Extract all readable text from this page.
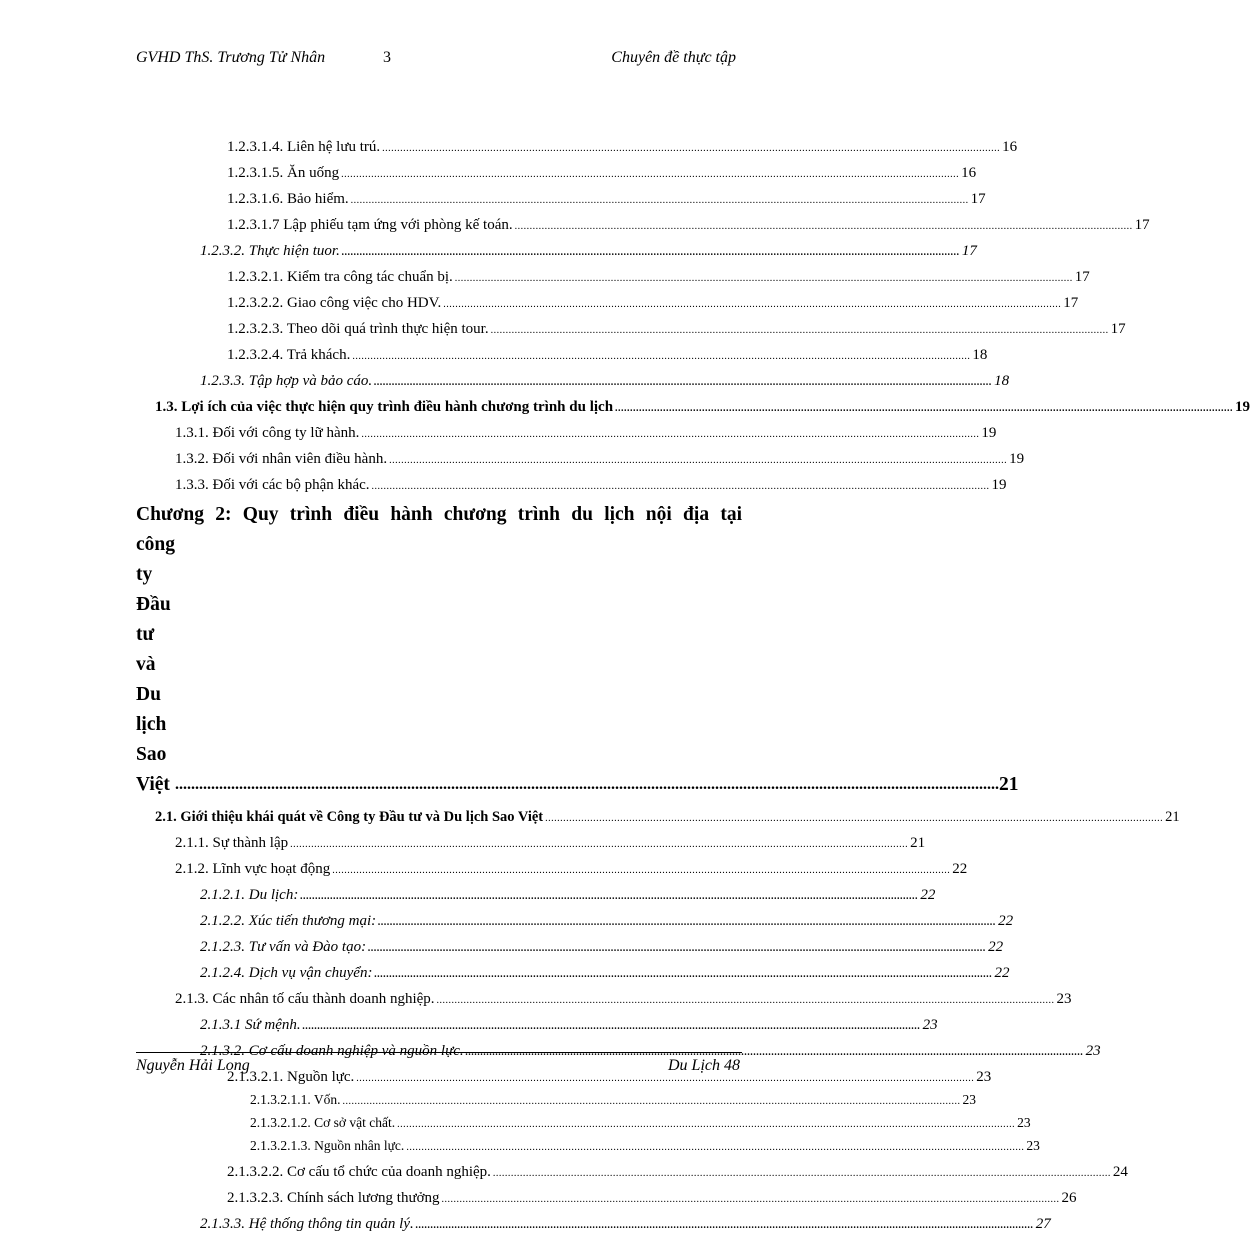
GVHD ThS. Trương Tử Nhân	3	Chuyên đề thực tập
1.2.3.1.4. Liên hệ lưu trú. .............................................................................................................................................................................................................. 16
1.2.3.1.5. Ăn uống .............................................................................................................................................................................................................. 16
1.2.3.1.6. Bảo hiểm. .............................................................................................................................................................................................................. 17
1.2.3.1.7 Lập phiếu tạm ứng với phòng kế toán. .............................................................................................................................................................................................................. 17
1.2.3.2. Thực hiện tuor. .............................................................................................................................................................................................................. 17
1.2.3.2.1. Kiểm tra công tác chuẩn bị. .............................................................................................................................................................................................................. 17
1.2.3.2.2. Giao công việc cho HDV. .............................................................................................................................................................................................................. 17
1.2.3.2.3. Theo dõi quá trình thực hiện tour. .............................................................................................................................................................................................................. 17
1.2.3.2.4. Trả khách. .............................................................................................................................................................................................................. 18
1.2.3.3. Tập hợp và bảo cáo. .............................................................................................................................................................................................................. 18
1.3. Lợi ích của việc thực hiện quy trình điều hành chương trình du lịch .............................................................................................................................................................................................................. 19
1.3.1. Đối với công ty lữ hành. .............................................................................................................................................................................................................. 19
1.3.2. Đối với nhân viên điều hành. .............................................................................................................................................................................................................. 19
1.3.3. Đối với các bộ phận khác. .............................................................................................................................................................................................................. 19
Chương 2: Quy trình điều hành chương trình du lịch nội địa tại
công ty Đầu tư và Du lịch Sao Việt .............................................................................................................................................................................................................. 21
2.1. Giới thiệu khái quát về Công ty Đầu tư và Du lịch Sao Việt .............................................................................................................................................................................................................. 21
2.1.1. Sự thành lập .............................................................................................................................................................................................................. 21
2.1.2. Lĩnh vực hoạt động .............................................................................................................................................................................................................. 22
2.1.2.1. Du lịch: .............................................................................................................................................................................................................. 22
2.1.2.2. Xúc tiến thương mại: .............................................................................................................................................................................................................. 22
2.1.2.3. Tư vấn và Đào tạo: .............................................................................................................................................................................................................. 22
2.1.2.4. Dịch vụ vận chuyển: .............................................................................................................................................................................................................. 22
2.1.3. Các nhân tố cấu thành doanh nghiệp. .............................................................................................................................................................................................................. 23
2.1.3.1 Sứ mệnh. .............................................................................................................................................................................................................. 23
2.1.3.2. Cơ cấu doanh nghiệp và nguồn lực. .............................................................................................................................................................................................................. 23
2.1.3.2.1. Nguồn lực. .............................................................................................................................................................................................................. 23
2.1.3.2.1.1. Vốn. .............................................................................................................................................................................................................. 23
2.1.3.2.1.2. Cơ sở vật chất. .............................................................................................................................................................................................................. 23
2.1.3.2.1.3. Nguồn nhân lực. .............................................................................................................................................................................................................. 23
2.1.3.2.2. Cơ cấu tổ chức của doanh nghiệp. .............................................................................................................................................................................................................. 24
2.1.3.2.3. Chính sách lương thưởng .............................................................................................................................................................................................................. 26
2.1.3.3. Hệ thống thông tin quản lý. .............................................................................................................................................................................................................. 27
Nguyễn Hải Long	Du Lịch 48
